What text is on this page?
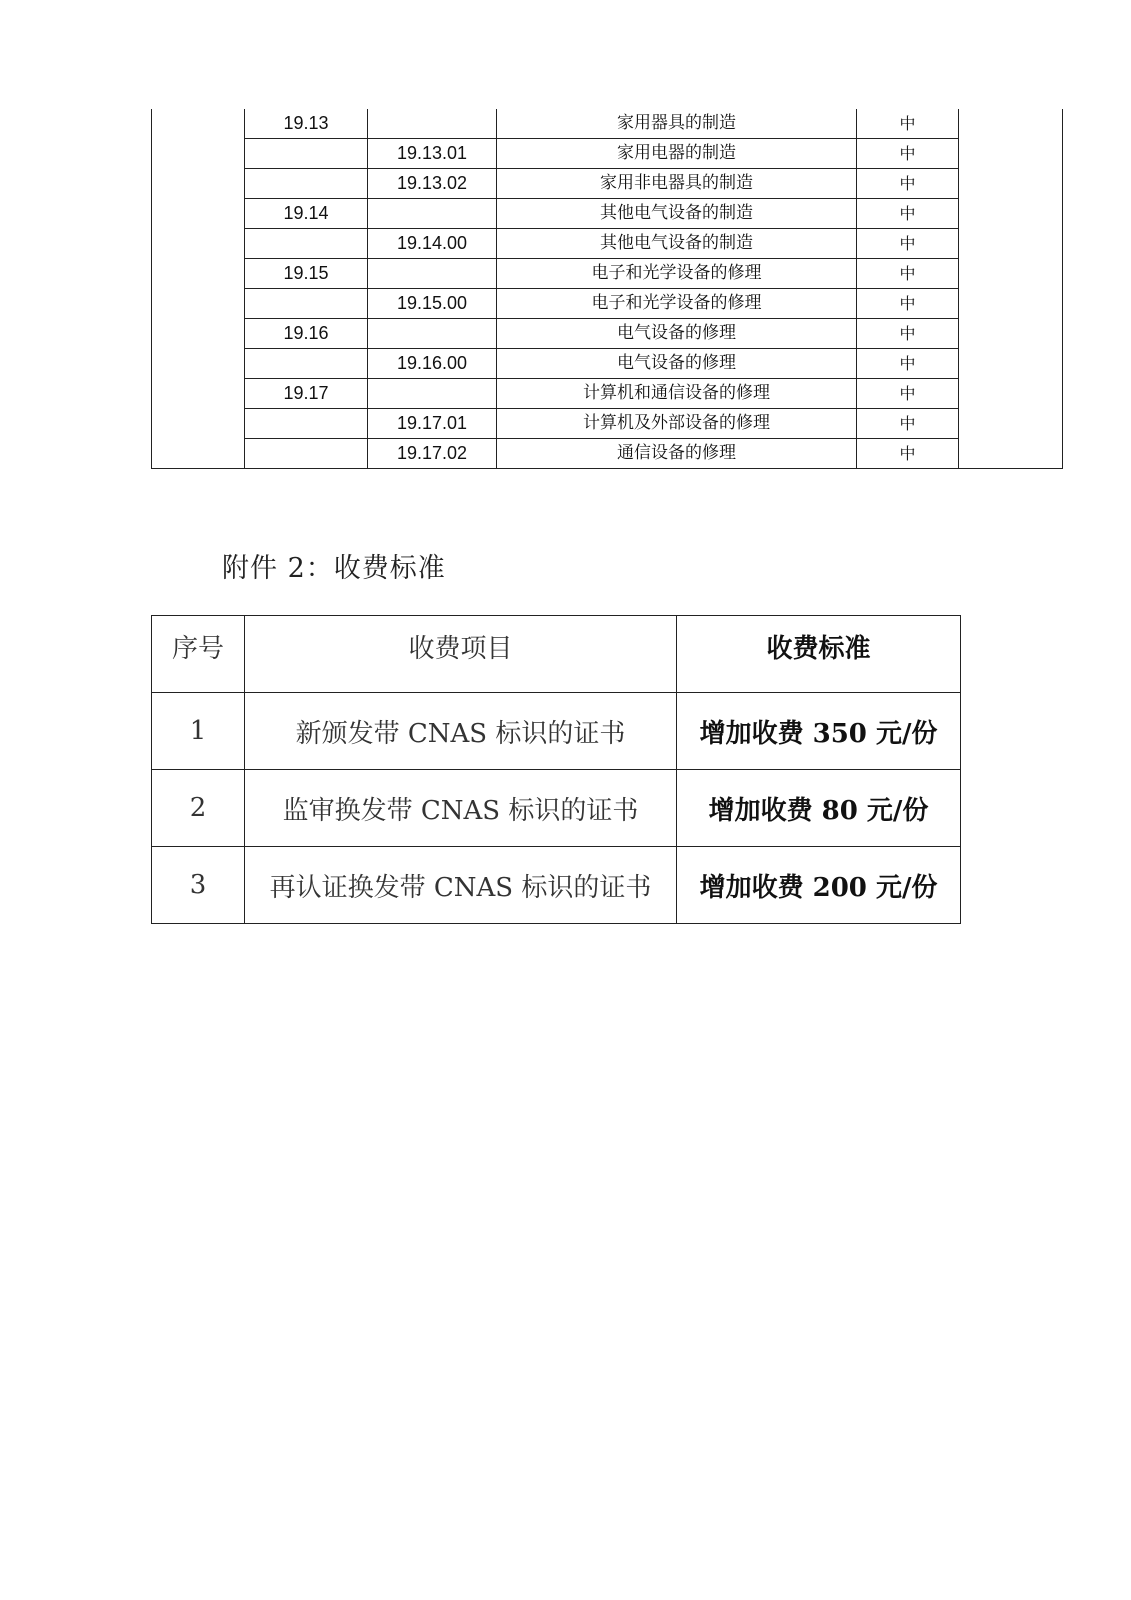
	19.13		家用器具的制造	中	
		19.13.01	家用电器的制造	中	
		19.13.02	家用非电器具的制造	中	
	19.14		其他电气设备的制造	中	
		19.14.00	其他电气设备的制造	中	
	19.15		电子和光学设备的修理	中	
		19.15.00	电子和光学设备的修理	中	
	19.16		电气设备的修理	中	
		19.16.00	电气设备的修理	中	
	19.17		计算机和通信设备的修理	中	
		19.17.01	计算机及外部设备的修理	中	
		19.17.02	通信设备的修理	中	
附件 2：收费标准
序号	收费项目	收费标准
1	新颁发带 CNAS 标识的证书	增加收费 350 元/份
2	监审换发带 CNAS 标识的证书	增加收费 80 元/份
3	再认证换发带 CNAS 标识的证书	增加收费 200 元/份
